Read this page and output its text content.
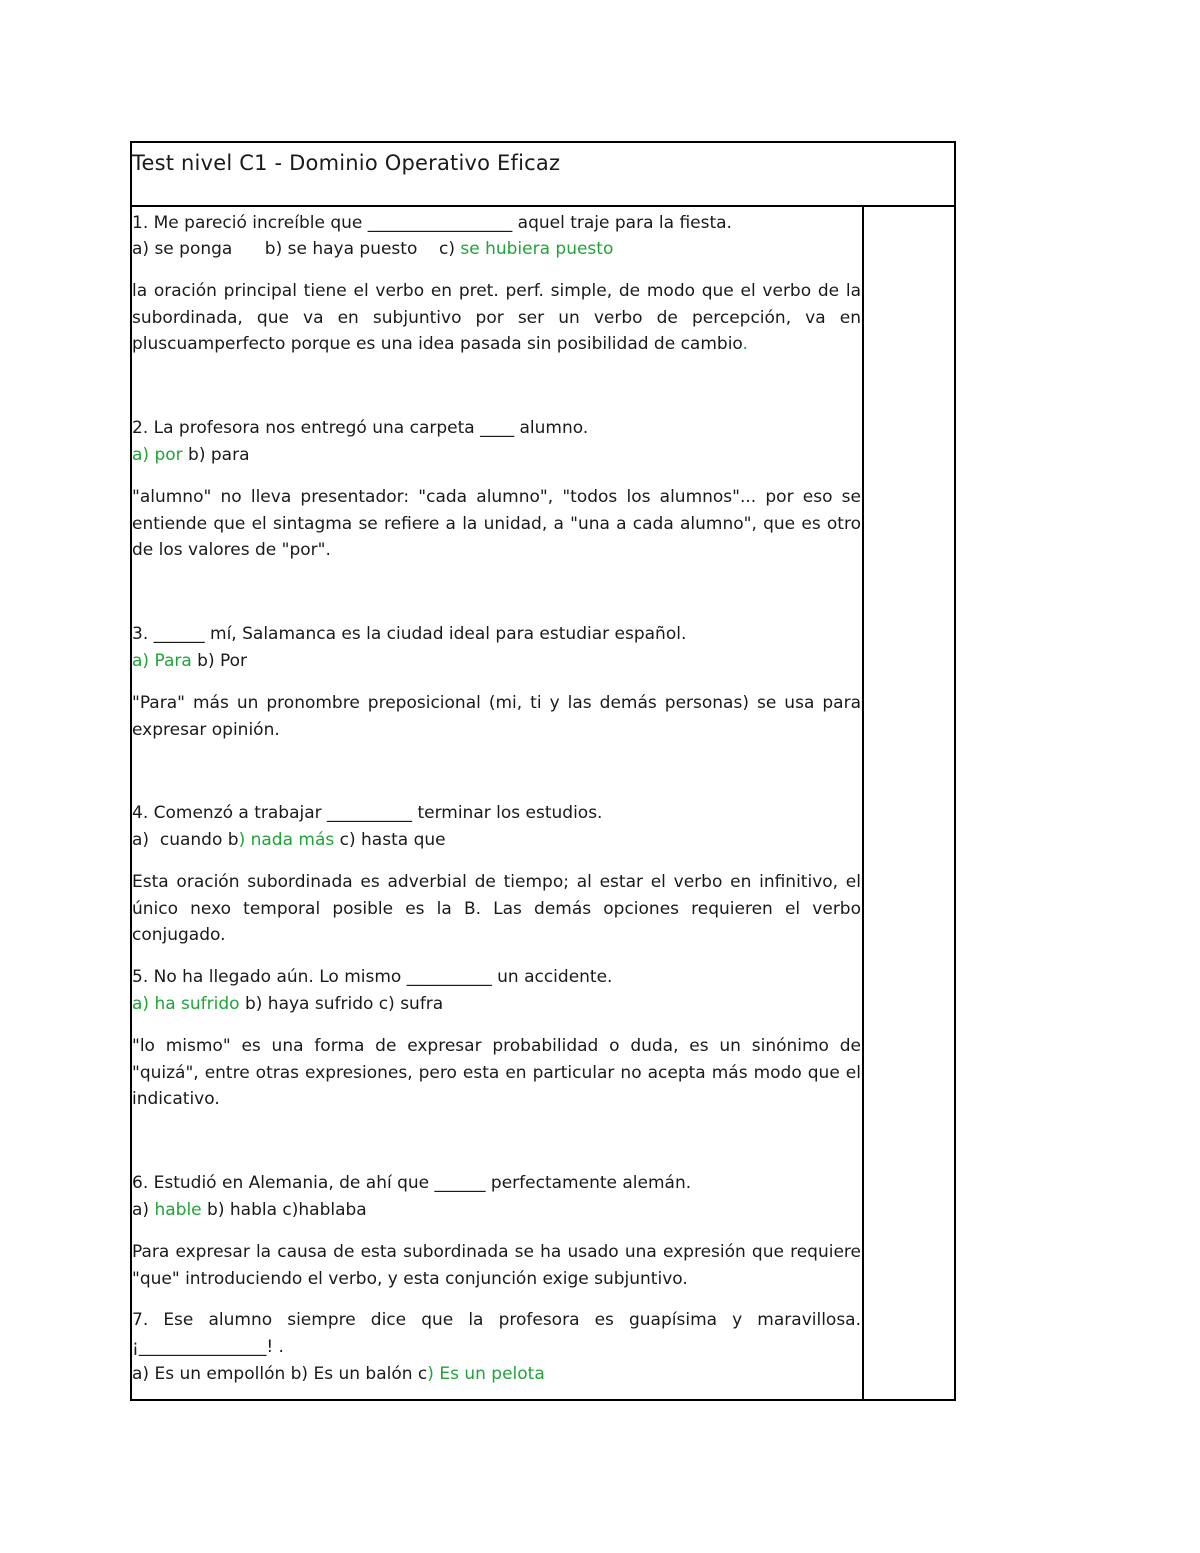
Test nivel C1 - Dominio Operativo Eficaz
1. Me pareció increíble que _________________ aquel traje para la fiesta.
a) se ponga      b) se haya puesto    c) se hubiera puesto
la oración principal tiene el verbo en pret. perf. simple, de modo que el verbo de la subordinada, que va en subjuntivo por ser un verbo de percepción, va en pluscuamperfecto porque es una idea pasada sin posibilidad de cambio.
2. La profesora nos entregó una carpeta ____ alumno.
a) por b) para
"alumno" no lleva presentador: "cada alumno", "todos los alumnos"... por eso se entiende que el sintagma se refiere a la unidad, a "una a cada alumno", que es otro de los valores de "por".
3. ______ mí, Salamanca es la ciudad ideal para estudiar español.
a) Para b) Por
"Para" más un pronombre preposicional (mi, ti y las demás personas) se usa para expresar opinión.
4. Comenzó a trabajar __________ terminar los estudios.
a)  cuando b) nada más c) hasta que
Esta oración subordinada es adverbial de tiempo; al estar el verbo en infinitivo, el único nexo temporal posible es la B. Las demás opciones requieren el verbo conjugado.
5. No ha llegado aún. Lo mismo __________ un accidente.
a) ha sufrido b) haya sufrido c) sufra
"lo mismo" es una forma de expresar probabilidad o duda, es un sinónimo de "quizá", entre otras expresiones, pero esta en particular no acepta más modo que el indicativo.
6. Estudió en Alemania, de ahí que ______ perfectamente alemán.
a) hable b) habla c)hablaba
Para expresar la causa de esta subordinada se ha usado una expresión que requiere "que" introduciendo el verbo, y esta conjunción exige subjuntivo.
7. Ese alumno siempre dice que la profesora es guapísima y maravillosa. ¡_______________! .
a) Es un empollón b) Es un balón c) Es un pelota
